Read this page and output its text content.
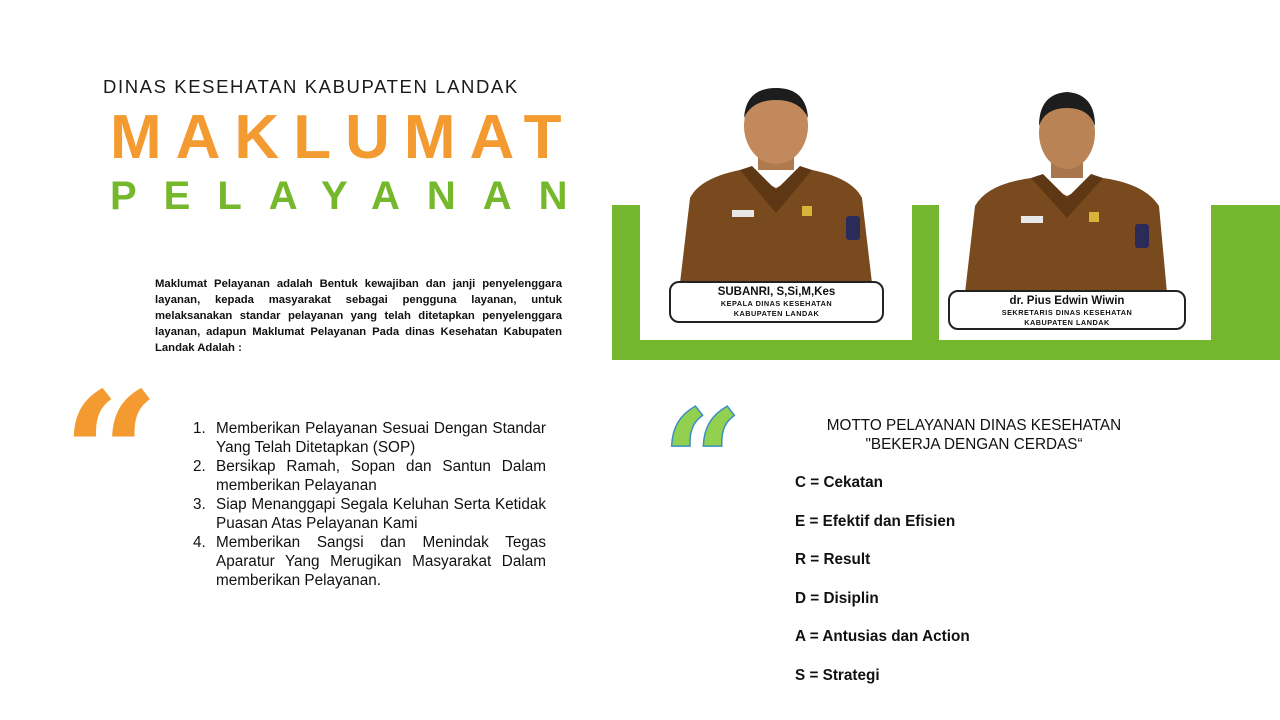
DINAS KESEHATAN KABUPATEN LANDAK
MAKLUMAT
PELAYANAN
Maklumat Pelayanan adalah Bentuk kewajiban dan janji penyelenggara layanan, kepada masyarakat sebagai pengguna layanan, untuk melaksanakan standar pelayanan yang telah ditetapkan penyelenggara layanan, adapun Maklumat Pelayanan Pada dinas Kesehatan Kabupaten Landak Adalah :
“	1. Memberikan Pelayanan Sesuai Dengan Standar Yang Telah Ditetapkan (SOP)
2. Bersikap Ramah, Sopan dan Santun Dalam memberikan Pelayanan
3. Siap Menanggapi Segala Keluhan Serta Ketidak Puasan Atas Pelayanan Kami
4. Memberikan Sangsi dan Menindak Tegas Aparatur Yang Merugikan Masyarakat Dalam memberikan Pelayanan.
SUBANRI, S,Si,M,Kes
KEPALA DINAS KESEHATAN
KABUPATEN LANDAK
dr. Pius Edwin Wiwin
SEKRETARIS DINAS KESEHATAN
KABUPATEN LANDAK
“	MOTTO PELAYANAN DINAS KESEHATAN
"BEKERJA DENGAN CERDAS“
C = Cekatan
E = Efektif dan Efisien
R = Result
D = Disiplin
A = Antusias dan Action
S = Strategi
